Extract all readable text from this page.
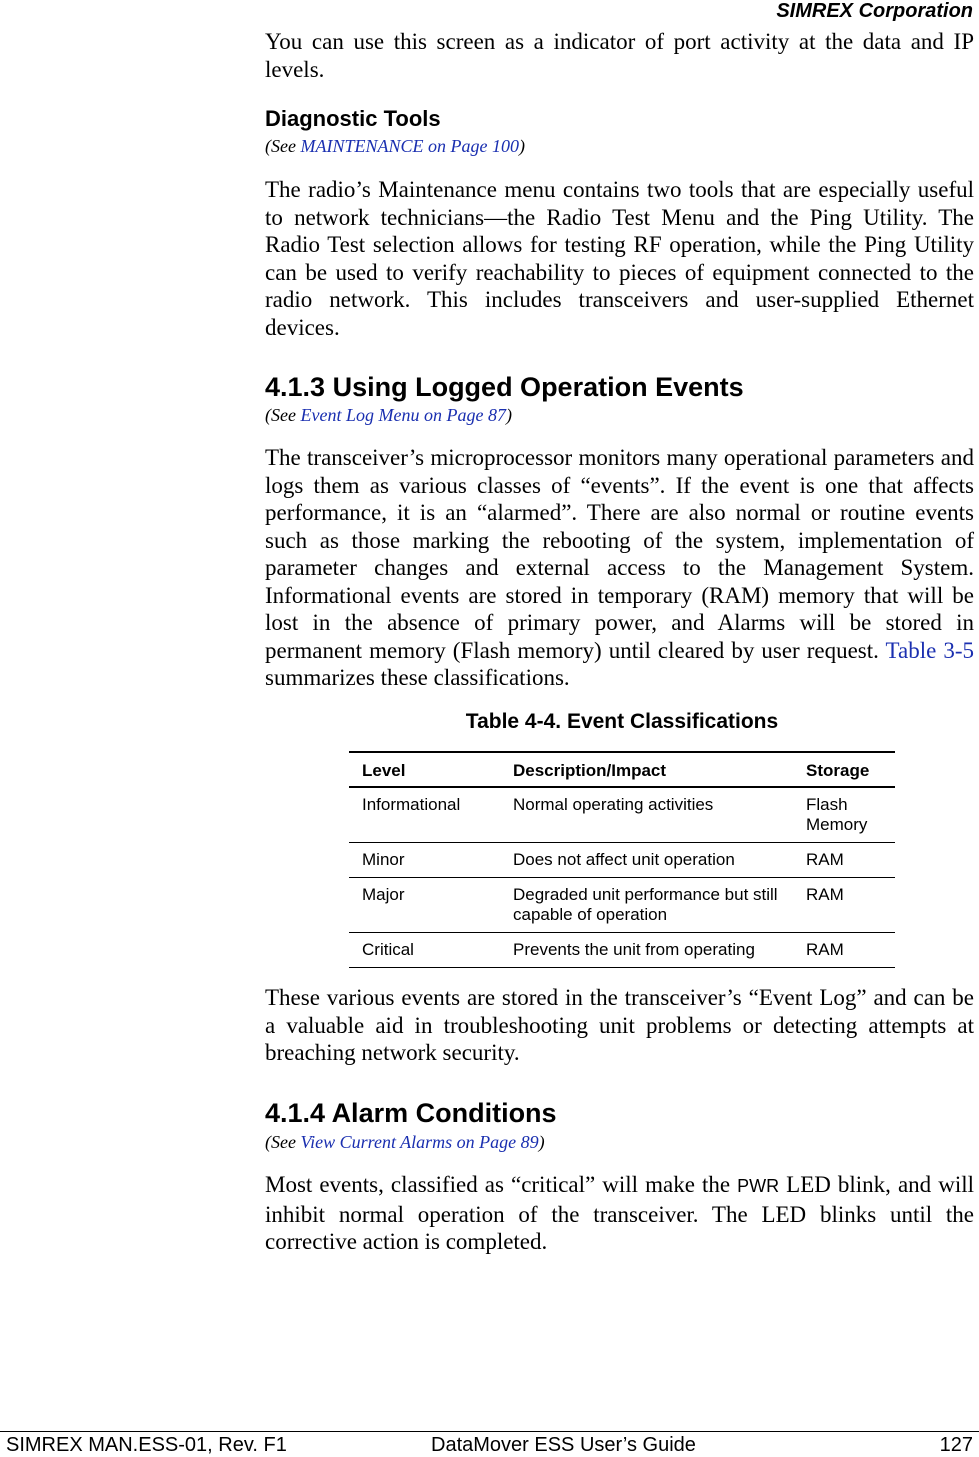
SIMREX Corporation

You can use this screen as a indicator of port activity at the data and IP levels.

Diagnostic Tools

(See MAINTENANCE on Page 100)

The radio’s Maintenance menu contains two tools that are especially useful to network technicians—the Radio Test Menu and the Ping Utility. The Radio Test selection allows for testing RF operation, while the Ping Utility can be used to verify reachability to pieces of equipment connected to the radio network. This includes transceivers and user-supplied Ethernet devices.

4.1.3 Using Logged Operation Events

(See Event Log Menu on Page 87)

The transceiver’s microprocessor monitors many operational parameters and logs them as various classes of “events”. If the event is one that affects performance, it is an “alarmed”. There are also normal or routine events such as those marking the rebooting of the system, implementation of parameter changes and external access to the Management System. Informational events are stored in temporary (RAM) memory that will be lost in the absence of primary power, and Alarms will be stored in permanent memory (Flash memory) until cleared by user request. Table 3-5 summarizes these classifications.

Table 4-4. Event Classifications
Level	Description/Impact	Storage
Informational	Normal operating activities	Flash Memory
Minor	Does not affect unit operation	RAM
Major	Degraded unit performance but still capable of operation	RAM
Critical	Prevents the unit from operating	RAM

These various events are stored in the transceiver’s “Event Log” and can be a valuable aid in troubleshooting unit problems or detecting attempts at breaching network security.

4.1.4 Alarm Conditions

(See View Current Alarms on Page 89)

Most events, classified as “critical” will make the PWR LED blink, and will inhibit normal operation of the transceiver. The LED blinks until the corrective action is completed.

SIMREX MAN.ESS-01, Rev. F1	DataMover ESS User’s Guide	127
